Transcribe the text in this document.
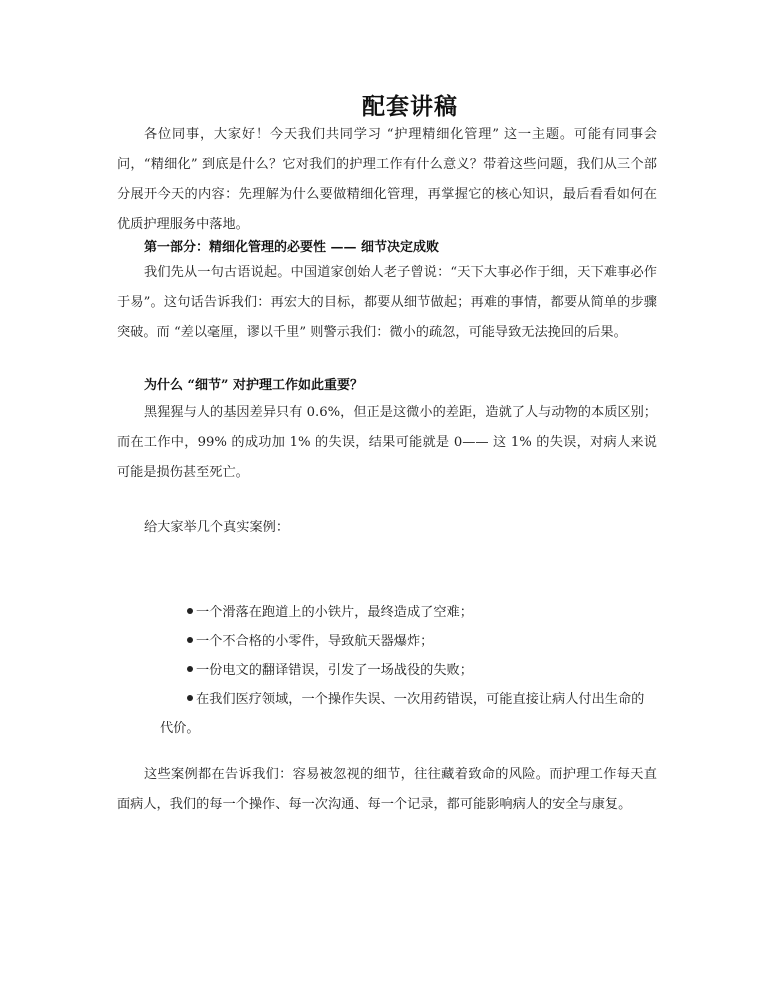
配套讲稿
各位同事，大家好！今天我们共同学习 “护理精细化管理” 这一主题。可能有同事会问，“精细化” 到底是什么？它对我们的护理工作有什么意义？带着这些问题，我们从三个部分展开今天的内容：先理解为什么要做精细化管理，再掌握它的核心知识，最后看看如何在优质护理服务中落地。
第一部分：精细化管理的必要性 —— 细节决定成败
我们先从一句古语说起。中国道家创始人老子曾说：“天下大事必作于细，天下难事必作于易”。这句话告诉我们：再宏大的目标，都要从细节做起；再难的事情，都要从简单的步骤突破。而 “差以毫厘，谬以千里” 则警示我们：微小的疏忽，可能导致无法挽回的后果。
为什么 “细节” 对护理工作如此重要？
黑猩猩与人的基因差异只有 0.6%，但正是这微小的差距，造就了人与动物的本质区别；而在工作中，99% 的成功加 1% 的失误，结果可能就是 0—— 这 1% 的失误，对病人来说可能是损伤甚至死亡。
给大家举几个真实案例：
一个滑落在跑道上的小铁片，最终造成了空难；
一个不合格的小零件，导致航天器爆炸；
一份电文的翻译错误，引发了一场战役的失败；
在我们医疗领域，一个操作失误、一次用药错误，可能直接让病人付出生命的代价。
这些案例都在告诉我们：容易被忽视的细节，往往藏着致命的风险。而护理工作每天直面病人，我们的每一个操作、每一次沟通、每一个记录，都可能影响病人的安全与康复。
